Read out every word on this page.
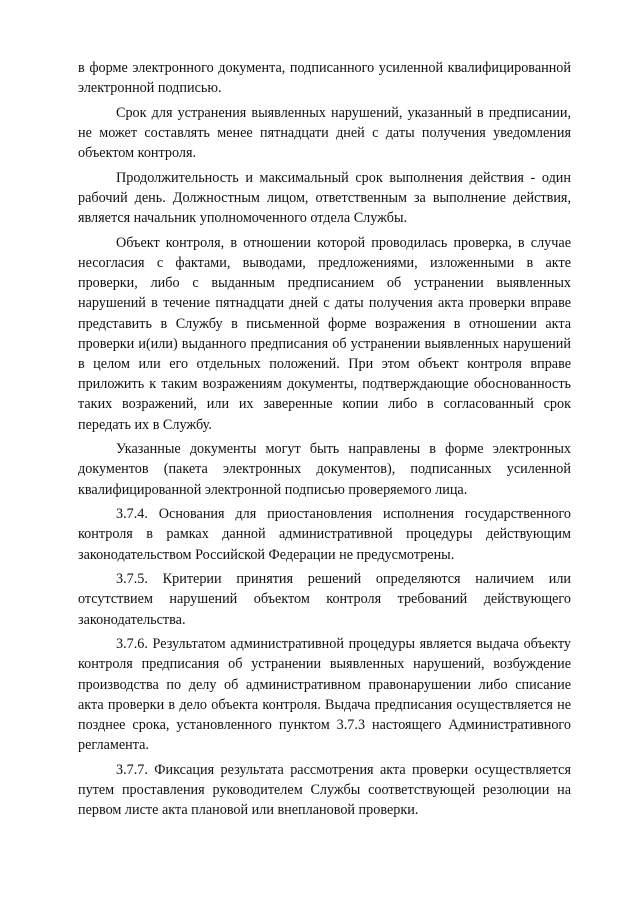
в форме электронного документа, подписанного усиленной квалифицированной электронной подписью.

Срок для устранения выявленных нарушений, указанный в предписании, не может составлять менее пятнадцати дней с даты получения уведомления объектом контроля.

Продолжительность и максимальный срок выполнения действия - один рабочий день. Должностным лицом, ответственным за выполнение действия, является начальник уполномоченного отдела Службы.

Объект контроля, в отношении которой проводилась проверка, в случае несогласия с фактами, выводами, предложениями, изложенными в акте проверки, либо с выданным предписанием об устранении выявленных нарушений в течение пятнадцати дней с даты получения акта проверки вправе представить в Службу в письменной форме возражения в отношении акта проверки и(или) выданного предписания об устранении выявленных нарушений в целом или его отдельных положений. При этом объект контроля вправе приложить к таким возражениям документы, подтверждающие обоснованность таких возражений, или их заверенные копии либо в согласованный срок передать их в Службу.

Указанные документы могут быть направлены в форме электронных документов (пакета электронных документов), подписанных усиленной квалифицированной электронной подписью проверяемого лица.

3.7.4. Основания для приостановления исполнения государственного контроля в рамках данной административной процедуры действующим законодательством Российской Федерации не предусмотрены.

3.7.5. Критерии принятия решений определяются наличием или отсутствием нарушений объектом контроля требований действующего законодательства.

3.7.6. Результатом административной процедуры является выдача объекту контроля предписания об устранении выявленных нарушений, возбуждение производства по делу об административном правонарушении либо списание акта проверки в дело объекта контроля. Выдача предписания осуществляется не позднее срока, установленного пунктом 3.7.3 настоящего Административного регламента.

3.7.7. Фиксация результата рассмотрения акта проверки осуществляется путем проставления руководителем Службы соответствующей резолюции на первом листе акта плановой или внеплановой проверки.
